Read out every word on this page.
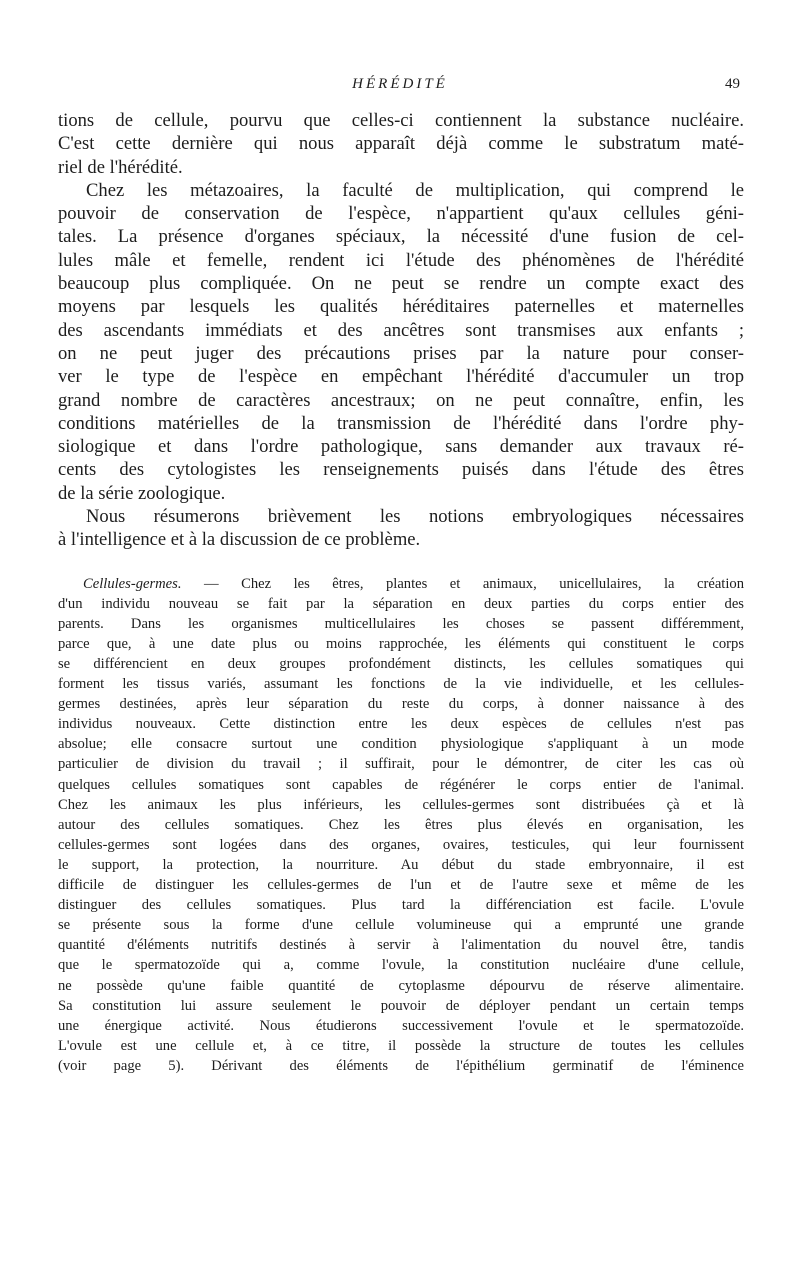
HÉRÉDITÉ	49
tions de cellule, pourvu que celles-ci contiennent la substance nucléaire.
C'est cette dernière qui nous apparaît déjà comme le substratum maté-
riel de l'hérédité.
Chez les métazoaires, la faculté de multiplication, qui comprend le
pouvoir de conservation de l'espèce, n'appartient qu'aux cellules géni-
tales. La présence d'organes spéciaux, la nécessité d'une fusion de cel-
lules mâle et femelle, rendent ici l'étude des phénomènes de l'hérédité
beaucoup plus compliquée. On ne peut se rendre un compte exact des
moyens par lesquels les qualités héréditaires paternelles et maternelles
des ascendants immédiats et des ancêtres sont transmises aux enfants ;
on ne peut juger des précautions prises par la nature pour conser-
ver le type de l'espèce en empêchant l'hérédité d'accumuler un trop
grand nombre de caractères ancestraux; on ne peut connaître, enfin, les
conditions matérielles de la transmission de l'hérédité dans l'ordre phy-
siologique et dans l'ordre pathologique, sans demander aux travaux ré-
cents des cytologistes les renseignements puisés dans l'étude des êtres
de la série zoologique.
Nous résumerons brièvement les notions embryologiques nécessaires
à l'intelligence et à la discussion de ce problème.
Cellules-germes. — Chez les êtres, plantes et animaux, unicellulaires, la création
d'un individu nouveau se fait par la séparation en deux parties du corps entier des
parents. Dans les organismes multicellulaires les choses se passent différemment,
parce que, à une date plus ou moins rapprochée, les éléments qui constituent le corps
se différencient en deux groupes profondément distincts, les cellules somatiques qui
forment les tissus variés, assumant les fonctions de la vie individuelle, et les cellules-
germes destinées, après leur séparation du reste du corps, à donner naissance à des
individus nouveaux. Cette distinction entre les deux espèces de cellules n'est pas
absolue; elle consacre surtout une condition physiologique s'appliquant à un mode
particulier de division du travail ; il suffirait, pour le démontrer, de citer les cas où
quelques cellules somatiques sont capables de régénérer le corps entier de l'animal.
Chez les animaux les plus inférieurs, les cellules-germes sont distribuées çà et là
autour des cellules somatiques. Chez les êtres plus élevés en organisation, les
cellules-germes sont logées dans des organes, ovaires, testicules, qui leur fournissent
le support, la protection, la nourriture. Au début du stade embryonnaire, il est
difficile de distinguer les cellules-germes de l'un et de l'autre sexe et même de les
distinguer des cellules somatiques. Plus tard la différenciation est facile. L'ovule
se présente sous la forme d'une cellule volumineuse qui a emprunté une grande
quantité d'éléments nutritifs destinés à servir à l'alimentation du nouvel être, tandis
que le spermatozoïde qui a, comme l'ovule, la constitution nucléaire d'une cellule,
ne possède qu'une faible quantité de cytoplasme dépourvu de réserve alimentaire.
Sa constitution lui assure seulement le pouvoir de déployer pendant un certain temps
une énergique activité. Nous étudierons successivement l'ovule et le spermatozoïde.
L'ovule est une cellule et, à ce titre, il possède la structure de toutes les cellules
(voir page 5). Dérivant des éléments de l'épithélium germinatif de l'éminence
